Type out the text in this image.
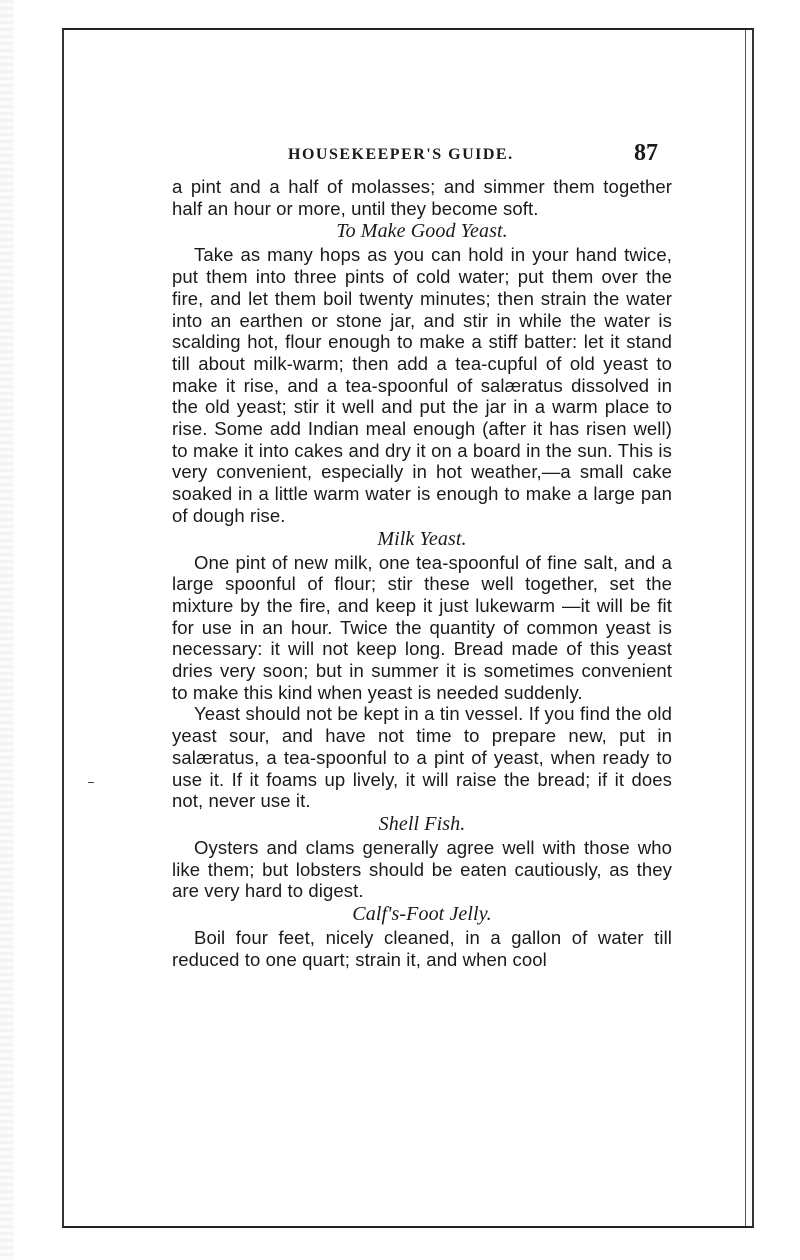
HOUSEKEEPER'S GUIDE.	87

a pint and a half of molasses; and simmer them together half an hour or more, until they become soft.

To Make Good Yeast.

Take as many hops as you can hold in your hand twice, put them into three pints of cold water; put them over the fire, and let them boil twenty minutes; then strain the water into an earthen or stone jar, and stir in while the water is scalding hot, flour enough to make a stiff batter: let it stand till about milk-warm; then add a tea-cupful of old yeast to make it rise, and a tea-spoonful of salæratus dissolved in the old yeast; stir it well and put the jar in a warm place to rise. Some add Indian meal enough (after it has risen well) to make it into cakes and dry it on a board in the sun. This is very convenient, especially in hot weather,—a small cake soaked in a little warm water is enough to make a large pan of dough rise.

Milk Yeast.

One pint of new milk, one tea-spoonful of fine salt, and a large spoonful of flour; stir these well together, set the mixture by the fire, and keep it just lukewarm —it will be fit for use in an hour. Twice the quantity of common yeast is necessary: it will not keep long. Bread made of this yeast dries very soon; but in summer it is sometimes convenient to make this kind when yeast is needed suddenly.

Yeast should not be kept in a tin vessel. If you find the old yeast sour, and have not time to prepare new, put in salæratus, a tea-spoonful to a pint of yeast, when ready to use it. If it foams up lively, it will raise the bread; if it does not, never use it.

Shell Fish.

Oysters and clams generally agree well with those who like them; but lobsters should be eaten cautiously, as they are very hard to digest.

Calf's-Foot Jelly.

Boil four feet, nicely cleaned, in a gallon of water till reduced to one quart; strain it, and when cool
